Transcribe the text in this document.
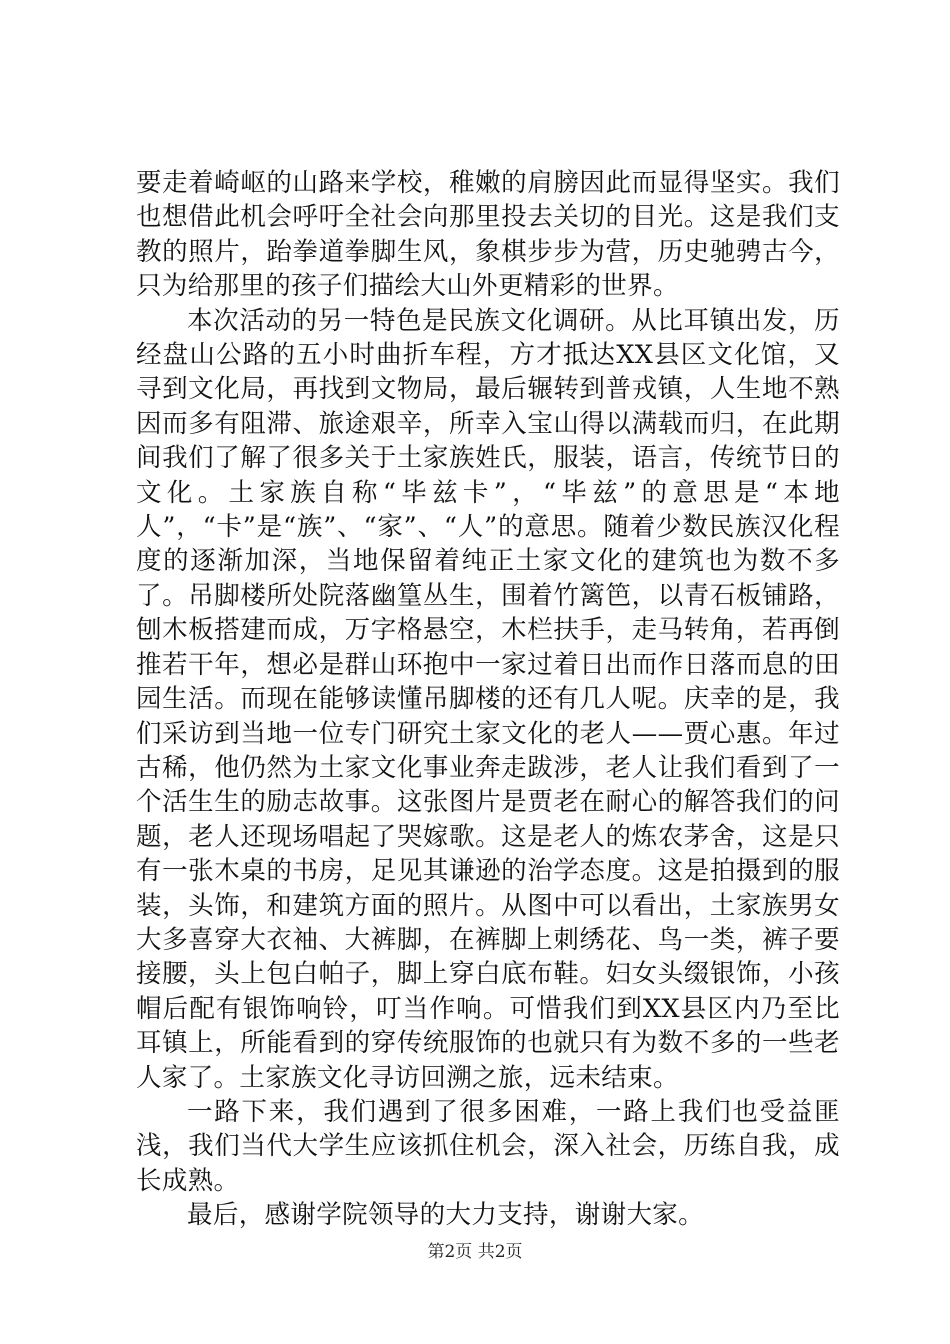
要走着崎岖的山路来学校，稚嫩的肩膀因此而显得坚实。我们也想借此机会呼吁全社会向那里投去关切的目光。这是我们支教的照片，跆拳道拳脚生风，象棋步步为营，历史驰骋古今，只为给那里的孩子们描绘大山外更精彩的世界。

本次活动的另一特色是民族文化调研。从比耳镇出发，历经盘山公路的五小时曲折车程，方才抵达XX县区文化馆，又寻到文化局，再找到文物局，最后辗转到普戎镇，人生地不熟因而多有阻滞、旅途艰辛，所幸入宝山得以满载而归，在此期间我们了解了很多关于土家族姓氏，服装，语言，传统节日的文化。土家族自称“毕兹卡”，“毕兹”的意思是“本地人”，“卡”是“族”、“家”、“人”的意思。随着少数民族汉化程度的逐渐加深，当地保留着纯正土家文化的建筑也为数不多了。吊脚楼所处院落幽篁丛生，围着竹篱笆，以青石板铺路，刨木板搭建而成，万字格悬空，木栏扶手，走马转角，若再倒推若干年，想必是群山环抱中一家过着日出而作日落而息的田园生活。而现在能够读懂吊脚楼的还有几人呢。庆幸的是，我们采访到当地一位专门研究土家文化的老人——贾心惠。年过古稀，他仍然为土家文化事业奔走跋涉，老人让我们看到了一个活生生的励志故事。这张图片是贾老在耐心的解答我们的问题，老人还现场唱起了哭嫁歌。这是老人的炼农茅舍，这是只有一张木桌的书房，足见其谦逊的治学态度。这是拍摄到的服装，头饰，和建筑方面的照片。从图中可以看出，土家族男女大多喜穿大衣袖、大裤脚，在裤脚上刺绣花、鸟一类，裤子要接腰，头上包白帕子，脚上穿白底布鞋。妇女头缀银饰，小孩帽后配有银饰响铃，叮当作响。可惜我们到XX县区内乃至比耳镇上，所能看到的穿传统服饰的也就只有为数不多的一些老人家了。土家族文化寻访回溯之旅，远未结束。

一路下来，我们遇到了很多困难，一路上我们也受益匪浅，我们当代大学生应该抓住机会，深入社会，历练自我，成长成熟。

最后，感谢学院领导的大力支持，谢谢大家。

第2页 共2页
